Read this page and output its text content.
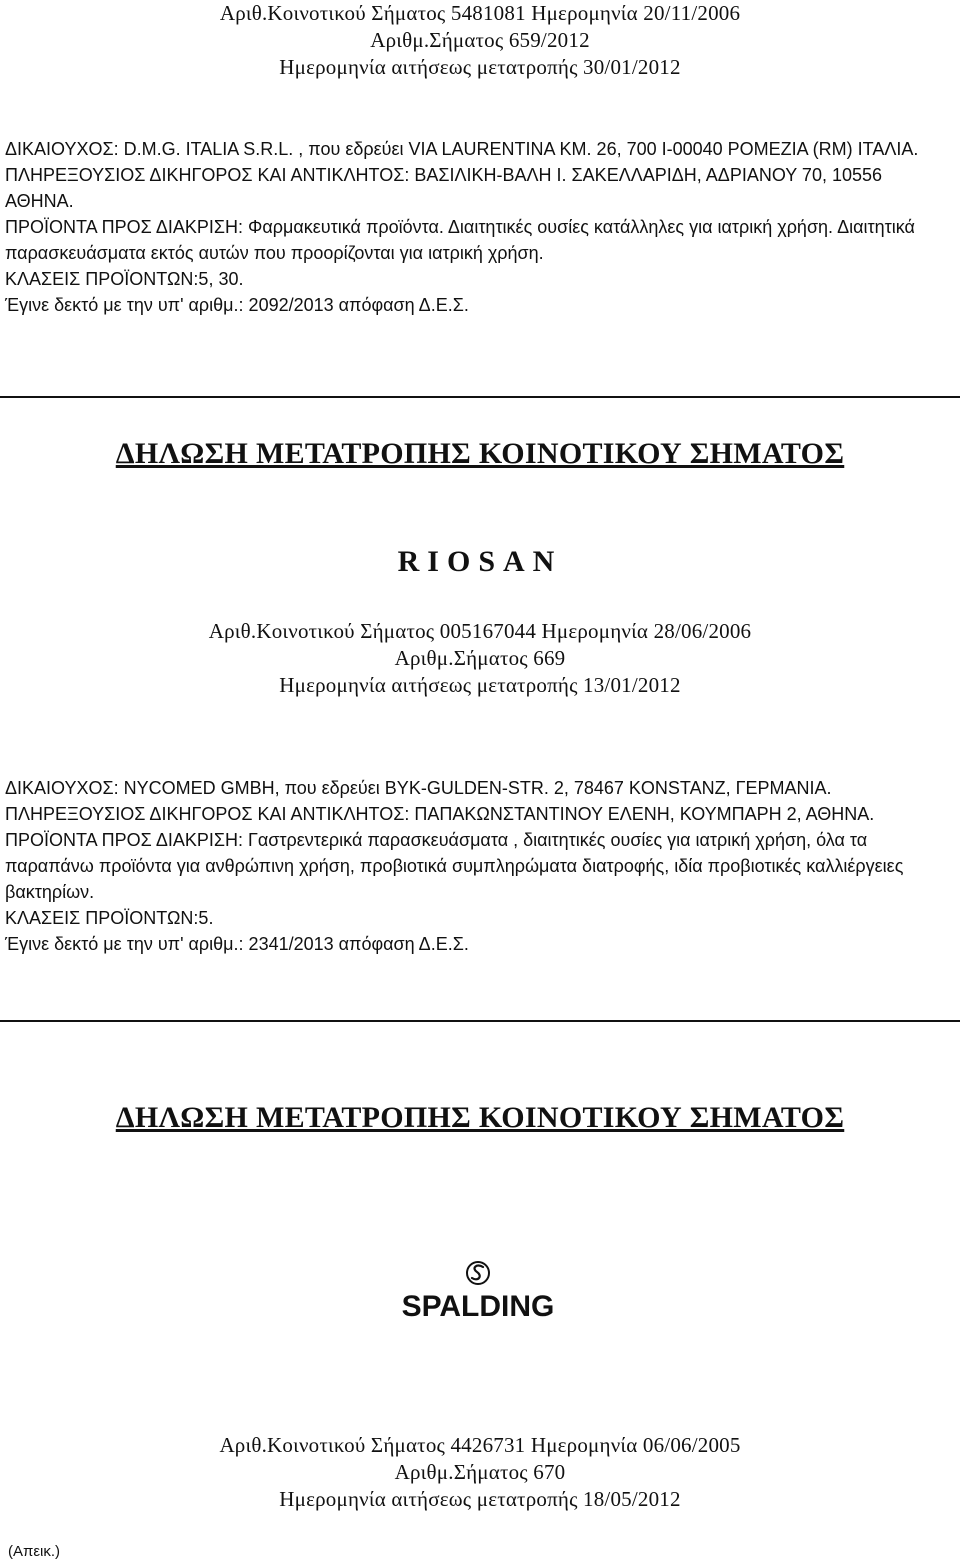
Αριθ.Κοινοτικού Σήματος 5481081 Ημερομηνία 20/11/2006
Αριθμ.Σήματος 659/2012
Ημερομηνία αιτήσεως μετατροπής 30/01/2012

ΔΙΚΑΙΟΥΧΟΣ: D.M.G. ITALIA S.R.L. , που εδρεύει VIA LAURENTINA KM. 26, 700 I-00040 POMEZIA (RM) ΙΤΑΛΙΑ.

ΠΛΗΡΕΞΟΥΣΙΟΣ ΔΙΚΗΓΟΡΟΣ ΚΑΙ ΑΝΤΙΚΛΗΤΟΣ: ΒΑΣΙΛΙΚΗ-ΒΑΛΗ Ι. ΣΑΚΕΛΛΑΡΙΔΗ, ΑΔΡΙΑΝΟΥ 70, 10556 ΑΘΗΝΑ.

ΠΡΟΪΟΝΤΑ ΠΡΟΣ ΔΙΑΚΡΙΣΗ: Φαρμακευτικά προϊόντα. Διαιτητικές ουσίες κατάλληλες για ιατρική χρήση. Διαιτητικά παρασκευάσματα εκτός αυτών που προορίζονται για ιατρική χρήση.

ΚΛΑΣΕΙΣ ΠΡΟΪΟΝΤΩΝ:5, 30.

Έγινε δεκτό με την υπ' αριθμ.: 2092/2013 απόφαση Δ.Ε.Σ.

ΔΗΛΩΣΗ ΜΕΤΑΤΡΟΠΗΣ ΚΟΙΝΟΤΙΚΟΥ ΣΗΜΑΤΟΣ
RIOSAN
Αριθ.Κοινοτικού Σήματος 005167044 Ημερομηνία 28/06/2006
Αριθμ.Σήματος 669
Ημερομηνία αιτήσεως μετατροπής 13/01/2012

ΔΙΚΑΙΟΥΧΟΣ: NYCOMED GMBH, που εδρεύει BYK-GULDEN-STR. 2, 78467 KONSTANZ, ΓΕΡΜΑΝΙΑ.

ΠΛΗΡΕΞΟΥΣΙΟΣ ΔΙΚΗΓΟΡΟΣ ΚΑΙ ΑΝΤΙΚΛΗΤΟΣ: ΠΑΠΑΚΩΝΣΤΑΝΤΙΝΟΥ ΕΛΕΝΗ, ΚΟΥΜΠΑΡΗ 2, ΑΘΗΝΑ.

ΠΡΟΪΟΝΤΑ ΠΡΟΣ ΔΙΑΚΡΙΣΗ: Γαστρεντερικά παρασκευάσματα , διαιτητικές ουσίες για ιατρική χρήση, όλα τα παραπάνω προϊόντα για ανθρώπινη χρήση, προβιοτικά συμπληρώματα διατροφής, ιδία προβιοτικές καλλιέργειες βακτηρίων.

ΚΛΑΣΕΙΣ ΠΡΟΪΟΝΤΩΝ:5.

Έγινε δεκτό με την υπ' αριθμ.: 2341/2013 απόφαση Δ.Ε.Σ.

ΔΗΛΩΣΗ ΜΕΤΑΤΡΟΠΗΣ ΚΟΙΝΟΤΙΚΟΥ ΣΗΜΑΤΟΣ
SPALDING
Αριθ.Κοινοτικού Σήματος 4426731 Ημερομηνία 06/06/2005
Αριθμ.Σήματος 670
Ημερομηνία αιτήσεως μετατροπής 18/05/2012
(Απεικ.)
